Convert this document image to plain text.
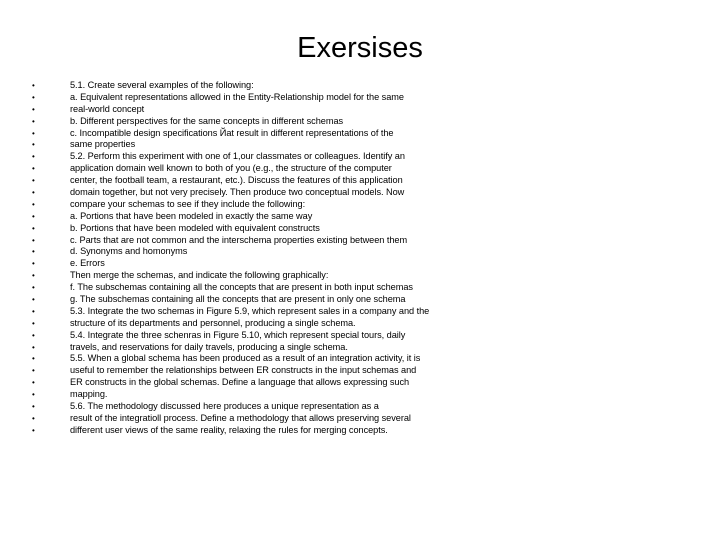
Exersises
•	5.1. Create several examples of the following:
•	a. Equivalent representations allowed in the Entity-Relationship model for the same
•	real-world concept
•	b. Different perspectives for the same concepts in different schemas
•	c. Incompatible design specifications Йat result in different representations of the
•	same properties
•	5.2. Perform this experiment with one of 1,our classmates or colleagues. Identify an
•	application domain well known to both of you (e.g., the structure of the computer
•	center, the football team, a restaurant, etc.). Discuss the features of this application
•	domain together, but not very precisely. Then produce two conceptual models. Now
•	compare your schemas to see if they include the following:
•	a. Portions that hаve been modeled in exactly the same way
•	b. Portions that have been modeled with equivalent constructs
•	c. Parts that are not common and the interschema properties existing between them
•	d. Synonyms and homonyms
•	e. Errors
•	Then merge the schemas, and indicate the following graphically:
•	f. The subschemas containing all the concepts that are present in both input schemas
•	g. The subschemas containing all the concepts that are present in only one schema
•	5.3. Integrate the two schemas in Figure 5.9, which represent sales in a company and the
•	structure of its departments and personnel, producing a single schema.
•	5.4. Integrate the three schenras in Figure 5.10, which represent special tours, daily
•	travels, and reservations for daily travels, producing a single schema.
•	5.5. When a global schema has been produced as a result of an integration activity, it is
•	useful to remember the relationships between ER constructs in the input schemas and
•	ER constructs in the global schemas. Define a language that allows expressing such
•	mapping.
•	5.6. The methodology discussed here produces a unique representation as a
•	result of the integratioll process. Define a methodology that allows preserving several
•	different user views of the same reality, relaxing the rules for merging concepts.
